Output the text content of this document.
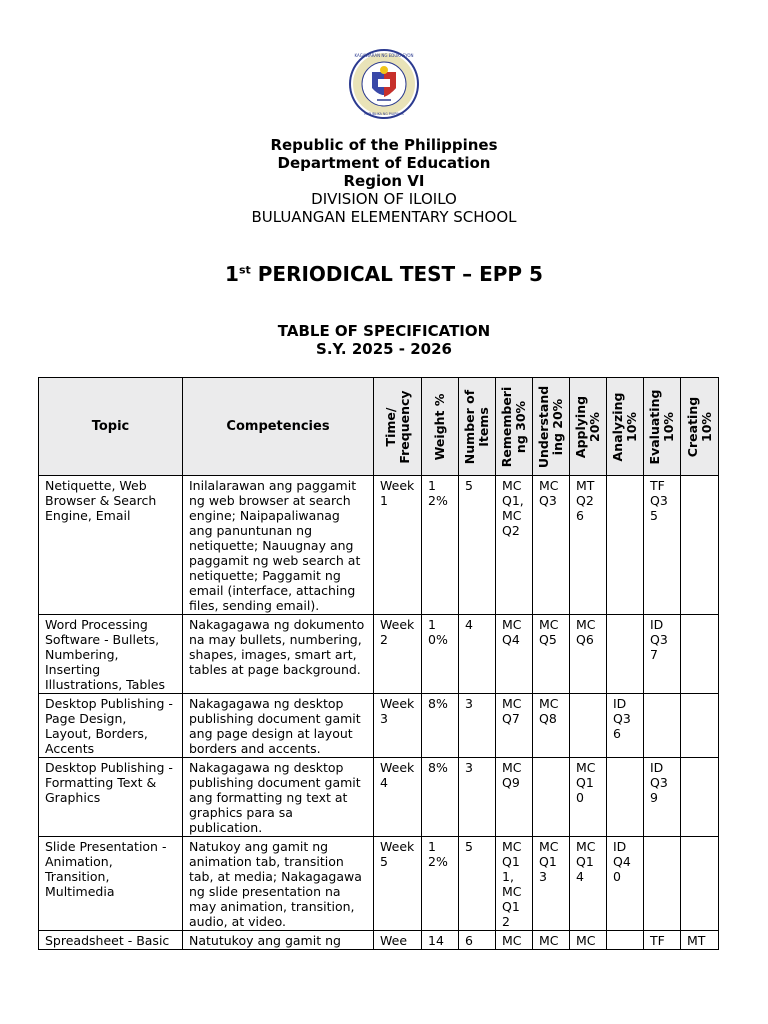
KAGAWARAN NG EDUKASYON
REPUBLIKA NG PILIPINAS
Republic of the Philippines
Department of Education
Region VI
DIVISION OF ILOILO
BULUANGAN ELEMENTARY SCHOOL
1st PERIODICAL TEST – EPP 5
TABLE OF SPECIFICATION
S.Y. 2025 - 2026
Topic	Competencies	Time/ Frequency	Weight %	Number of Items	Rememberi ng 30%	Understand ing 20%	Applying 20%	Analyzing 10%	Evaluating 10%	Creating 10%

Netiquette, Web Browser & Search Engine, Email	Inilalarawan ang paggamit ng web browser at search engine; Naipapaliwanag ang panuntunan ng netiquette; Nauugnay ang paggamit ng web search at netiquette; Paggamit ng email (interface, attaching files, sending email).	Week 1	12%	5	MC Q1, MC Q2	MC Q3	MT Q26		TF Q35	
Word Processing Software - Bullets, Numbering, Inserting Illustrations, Tables	Nakagagawa ng dokumento na may bullets, numbering, shapes, images, smart art, tables at page background.	Week 2	10%	4	MC Q4	MC Q5	MC Q6		ID Q37	
Desktop Publishing - Page Design, Layout, Borders, Accents	Nakagagawa ng desktop publishing document gamit ang page design at layout borders and accents.	Week 3	8%	3	MC Q7	MC Q8		ID Q36		
Desktop Publishing - Formatting Text & Graphics	Nakagagawa ng desktop publishing document gamit ang formatting ng text at graphics para sa publication.	Week 4	8%	3	MC Q9		MC Q10		ID Q39	
Slide Presentation - Animation, Transition, Multimedia	Natukoy ang gamit ng animation tab, transition tab, at media; Nakagagawa ng slide presentation na may animation, transition, audio, at video.	Week 5	12%	5	MC Q11, MC Q12	MC Q13	MC Q14	ID Q40		
Spreadsheet - Basic	Natutukoy ang gamit ng	Wee	14	6	MC	MC	MC		TF	MT
